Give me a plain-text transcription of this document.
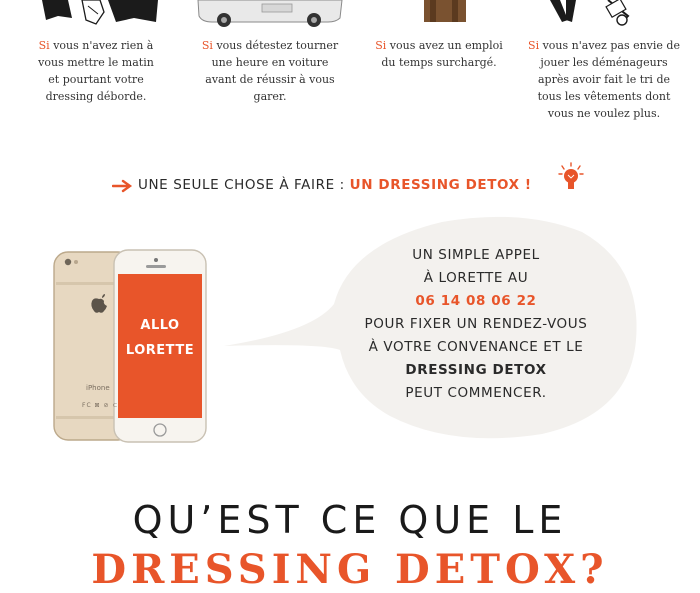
Si vous n'avez rien à vous mettre le matin et pourtant votre dressing déborde.
Si vous détestez tourner une heure en voiture avant de réussir à vous garer.
Si vous avez un emploi du temps surchargé.
Si vous n'avez pas envie de jouer les déménageurs après avoir fait le tri de tous les vêtements dont vous ne voulez plus.
UNE SEULE CHOSE À FAIRE : UN DRESSING DETOX !
iPhone
FC ⊠ ⊘ ⊂
ALLO
LORETTE
UN SIMPLE APPEL
À LORETTE AU
06 14 08 06 22
POUR FIXER UN RENDEZ-VOUS
À VOTRE CONVENANCE ET LE
DRESSING DETOX
PEUT COMMENCER.
QU’EST CE QUE LE
DRESSING DETOX?
